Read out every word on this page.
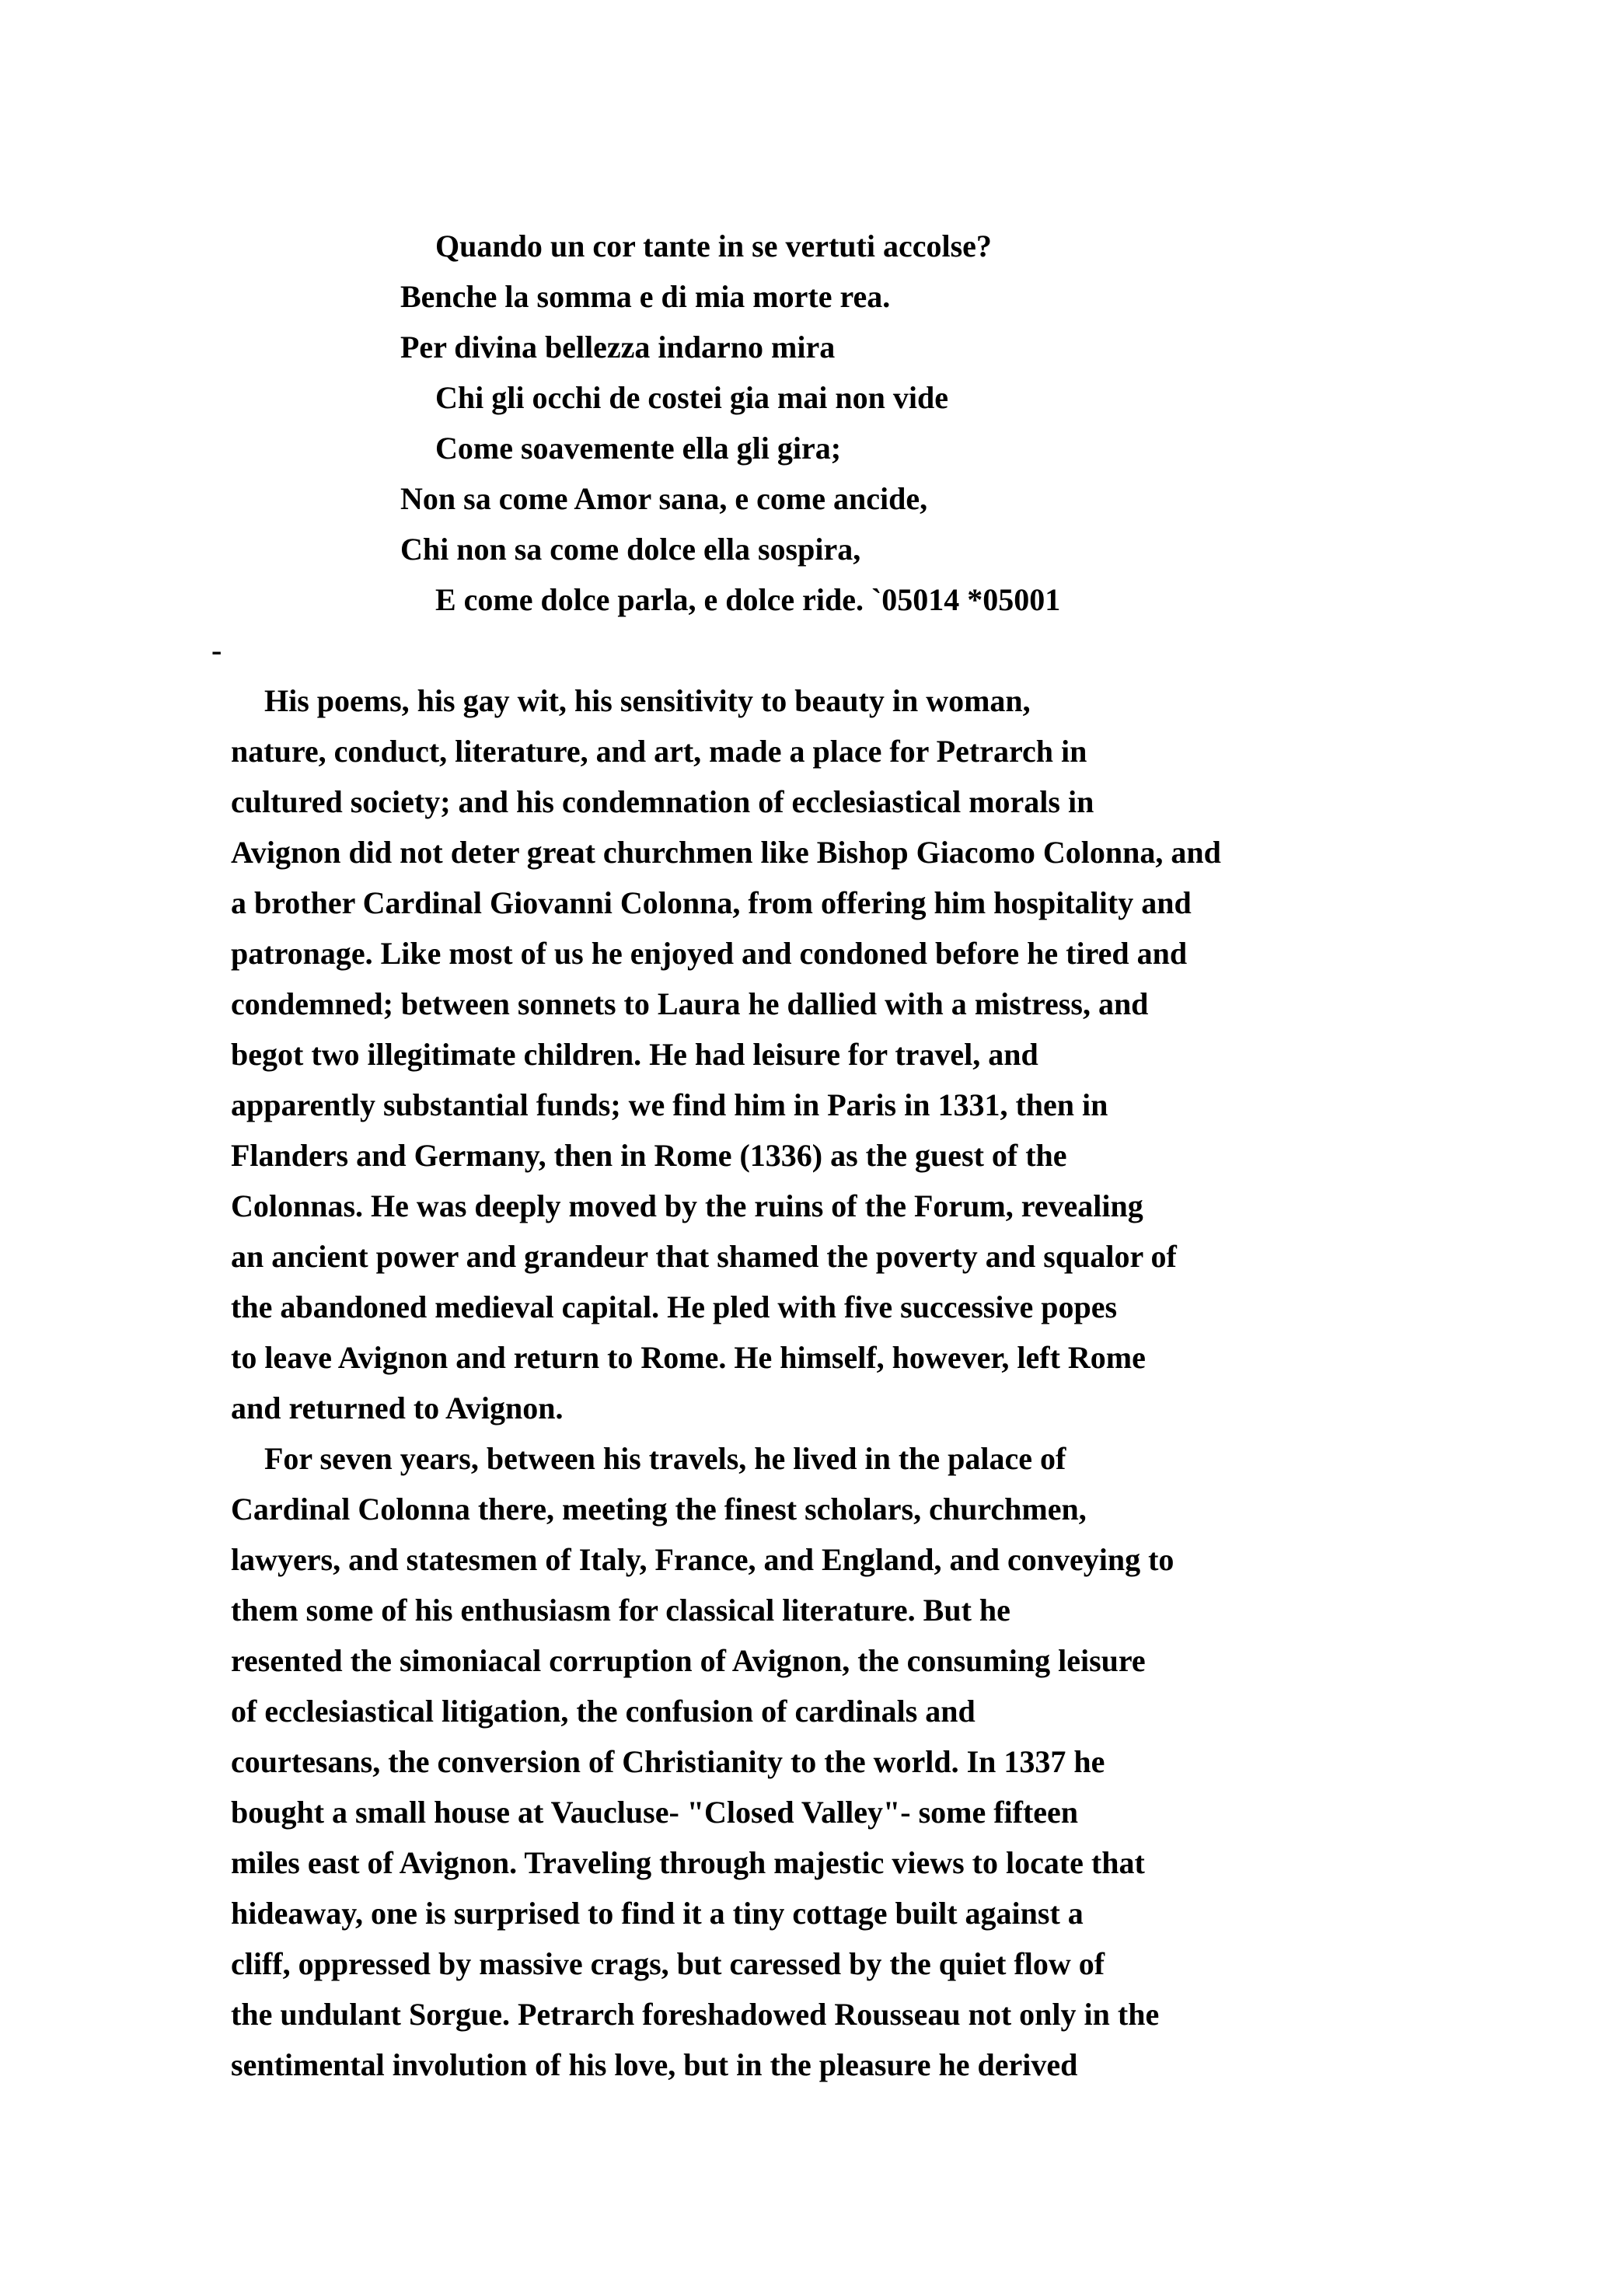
Quando un cor tante in se vertuti accolse?
Benche la somma e di mia morte rea.
Per divina bellezza indarno mira
Chi gli occhi de costei gia mai non vide
Come soavemente ella gli gira;
Non sa come Amor sana, e come ancide,
Chi non sa come dolce ella sospira,
E come dolce parla, e dolce ride. `05014 *05001
-
His poems, his gay wit, his sensitivity to beauty in woman,
nature, conduct, literature, and art, made a place for Petrarch in
cultured society; and his condemnation of ecclesiastical morals in
Avignon did not deter great churchmen like Bishop Giacomo Colonna, and
a brother Cardinal Giovanni Colonna, from offering him hospitality and
patronage. Like most of us he enjoyed and condoned before he tired and
condemned; between sonnets to Laura he dallied with a mistress, and
begot two illegitimate children. He had leisure for travel, and
apparently substantial funds; we find him in Paris in 1331, then in
Flanders and Germany, then in Rome (1336) as the guest of the
Colonnas. He was deeply moved by the ruins of the Forum, revealing
an ancient power and grandeur that shamed the poverty and squalor of
the abandoned medieval capital. He pled with five successive popes
to leave Avignon and return to Rome. He himself, however, left Rome
and returned to Avignon.
For seven years, between his travels, he lived in the palace of
Cardinal Colonna there, meeting the finest scholars, churchmen,
lawyers, and statesmen of Italy, France, and England, and conveying to
them some of his enthusiasm for classical literature. But he
resented the simoniacal corruption of Avignon, the consuming leisure
of ecclesiastical litigation, the confusion of cardinals and
courtesans, the conversion of Christianity to the world. In 1337 he
bought a small house at Vaucluse- "Closed Valley"- some fifteen
miles east of Avignon. Traveling through majestic views to locate that
hideaway, one is surprised to find it a tiny cottage built against a
cliff, oppressed by massive crags, but caressed by the quiet flow of
the undulant Sorgue. Petrarch foreshadowed Rousseau not only in the
sentimental involution of his love, but in the pleasure he derived
